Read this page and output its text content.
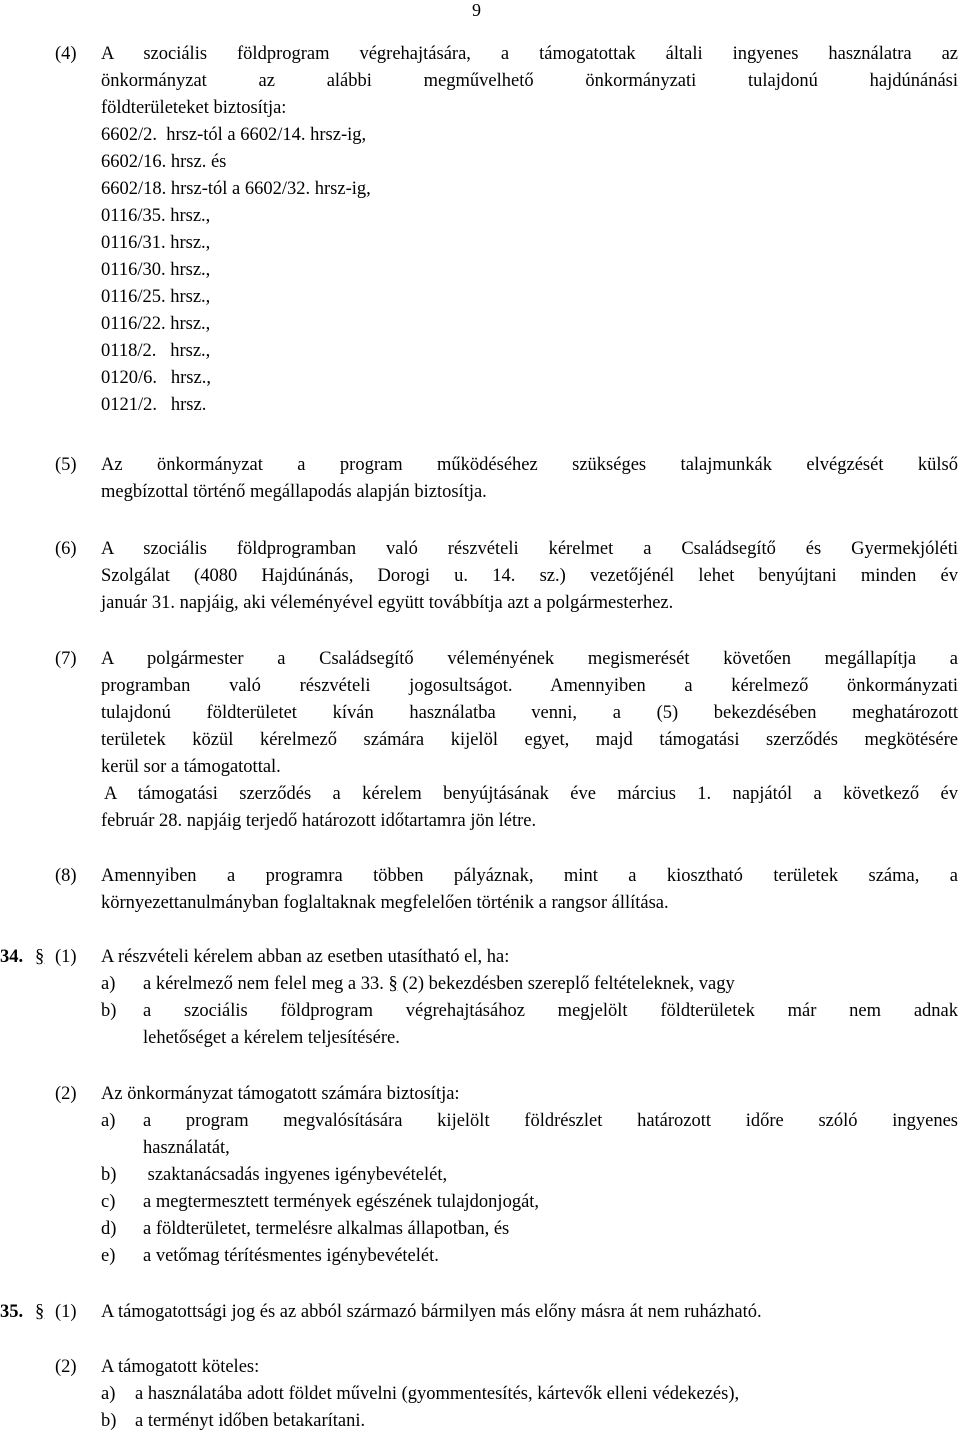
9
(4) A szociális földprogram végrehajtására, a támogatottak általi ingyenes használatra az
önkormányzat az alábbi megművelhető önkormányzati tulajdonú hajdúnánási
földterületeket biztosítja:
6602/2.  hrsz-tól a 6602/14. hrsz-ig,
6602/16. hrsz. és
6602/18. hrsz-tól a 6602/32. hrsz-ig,
0116/35. hrsz.,
0116/31. hrsz.,
0116/30. hrsz.,
0116/25. hrsz.,
0116/22. hrsz.,
0118/2.   hrsz.,
0120/6.   hrsz.,
0121/2.   hrsz.
(5) Az önkormányzat a program működéséhez szükséges talajmunkák elvégzését külső
megbízottal történő megállapodás alapján biztosítja.
(6) A szociális földprogramban való részvételi kérelmet a Családsegítő és Gyermekjóléti
Szolgálat (4080 Hajdúnánás, Dorogi u. 14. sz.) vezetőjénél lehet benyújtani minden év
január 31. napjáig, aki véleményével együtt továbbítja azt a polgármesterhez.
(7) A polgármester a Családsegítő véleményének megismerését követően megállapítja a
programban való részvételi jogosultságot. Amennyiben a kérelmező önkormányzati
tulajdonú földterületet kíván használatba venni, a (5) bekezdésében meghatározott
területek közül kérelmező számára kijelöl egyet, majd támogatási szerződés megkötésére
kerül sor a támogatottal.
A támogatási szerződés a kérelem benyújtásának éve március 1. napjától a következő év
február 28. napjáig terjedő határozott időtartamra jön létre.
(8) Amennyiben a programra többen pályáznak, mint a kiosztható területek száma, a
környezettanulmányban foglaltaknak megfelelően történik a rangsor állítása.
34. § (1) A részvételi kérelem abban az esetben utasítható el, ha:
a) a kérelmező nem felel meg a 33. § (2) bekezdésben szereplő feltételeknek, vagy
b) a szociális földprogram végrehajtásához megjelölt földterületek már nem adnak
lehetőséget a kérelem teljesítésére.
(2) Az önkormányzat támogatott számára biztosítja:
a) a program megvalósítására kijelölt földrészlet határozott időre szóló ingyenes
használatát,
b) szaktanácsadás ingyenes igénybevételét,
c) a megtermesztett termények egészének tulajdonjogát,
d) a földterületet, termelésre alkalmas állapotban, és
e) a vetőmag térítésmentes igénybevételét.
35. § (1) A támogatottsági jog és az abból származó bármilyen más előny másra át nem ruházható.
(2) A támogatott köteles:
a) a használatába adott földet művelni (gyommentesítés, kártevők elleni védekezés),
b) a terményt időben betakarítani.
